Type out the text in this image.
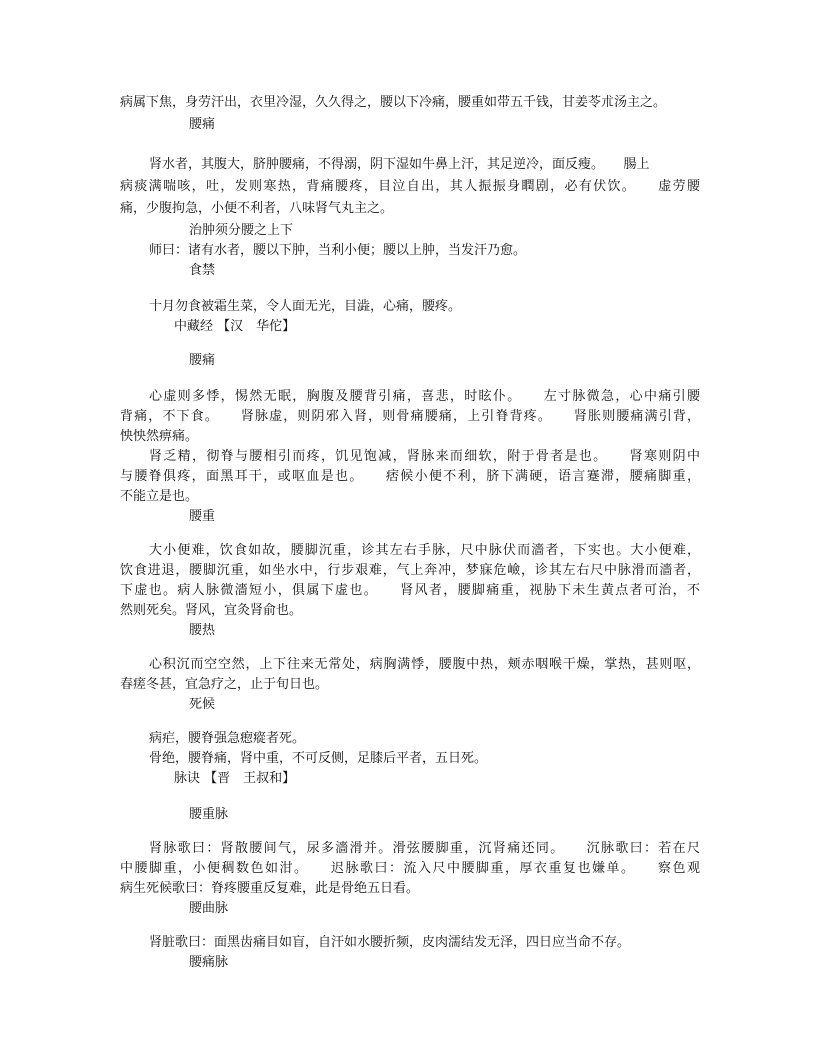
病属下焦，身劳汗出，衣里冷湿，久久得之，腰以下冷痛，腰重如带五千钱，甘姜苓朮汤主之。
腰痛
肾水者，其腹大，脐肿腰痛，不得溺，阴下湿如牛鼻上汗，其足逆冷，面反瘦。　　腸上
病痰满喘咳，吐，发则寒热，背痛腰疼，目泣自出，其人振振身瞤剧，必有伏饮。　　虚劳腰
痛，少腹拘急，小便不利者，八味肾气丸主之。
治肿须分腰之上下
师曰：诸有水者，腰以下肿，当利小便；腰以上肿，当发汗乃愈。
食禁
十月勿食被霜生菜，令人面无光，目澁，心痛，腰疼。
中藏经 【汉　华佗】
腰痛
心虚则多悸，惕然无眠，胸腹及腰背引痛，喜悲，时眩仆。　　左寸脉微急，心中痛引腰
背痛，不下食。　　肾脉虚，则阴邪入肾，则骨痛腰痛，上引脊背疼。　　肾胀则腰痛满引背，
怏怏然痹痛。
肾乏精，彻脊与腰相引而疼，饥见饱减，肾脉来而细软，附于骨者是也。　　肾寒则阴中
与腰脊俱疼，面黑耳干，或呕血是也。　　痞候小便不利，脐下满硬，语言蹇滞，腰痛脚重，
不能立是也。
腰重
大小便难，饮食如故，腰脚沉重，诊其左右手脉，尺中脉伏而濇者，下实也。大小便难，
饮食进退，腰脚沉重，如坐水中，行步艰难，气上奔冲，梦寐危嶮，诊其左右尺中脉滑而濇者，
下虚也。病人脉微濇短小，俱属下虚也。　　肾风者，腰脚痛重，视胁下未生黄点者可治，不
然则死矣。肾风，宜灸肾俞也。
腰热
心积沉而空空然，上下往来无常处，病胸满悸，腰腹中热，颊赤咽喉干燥，掌热，甚则呕，
春瘥冬甚，宜急疗之，止于旬日也。
死候
病疟，腰脊强急瘛瘲者死。
骨绝，腰脊痛，肾中重，不可反侧，足膝后平者，五日死。
脉诀 【晋　王叔和】
腰重脉
肾脉歌曰：肾散腰间气，尿多濇滑并。滑弦腰脚重，沉肾痛还同。　　沉脉歌曰：若在尺
中腰脚重，小便稠数色如泔。　　迟脉歌曰：流入尺中腰脚重，厚衣重复也嫌单。　　察色观
病生死候歌曰：脊疼腰重反复难，此是骨绝五日看。
腰曲脉
肾脏歌曰：面黑齿痛目如盲，自汗如水腰折频，皮肉濡结发无泽，四日应当命不存。
腰痛脉
